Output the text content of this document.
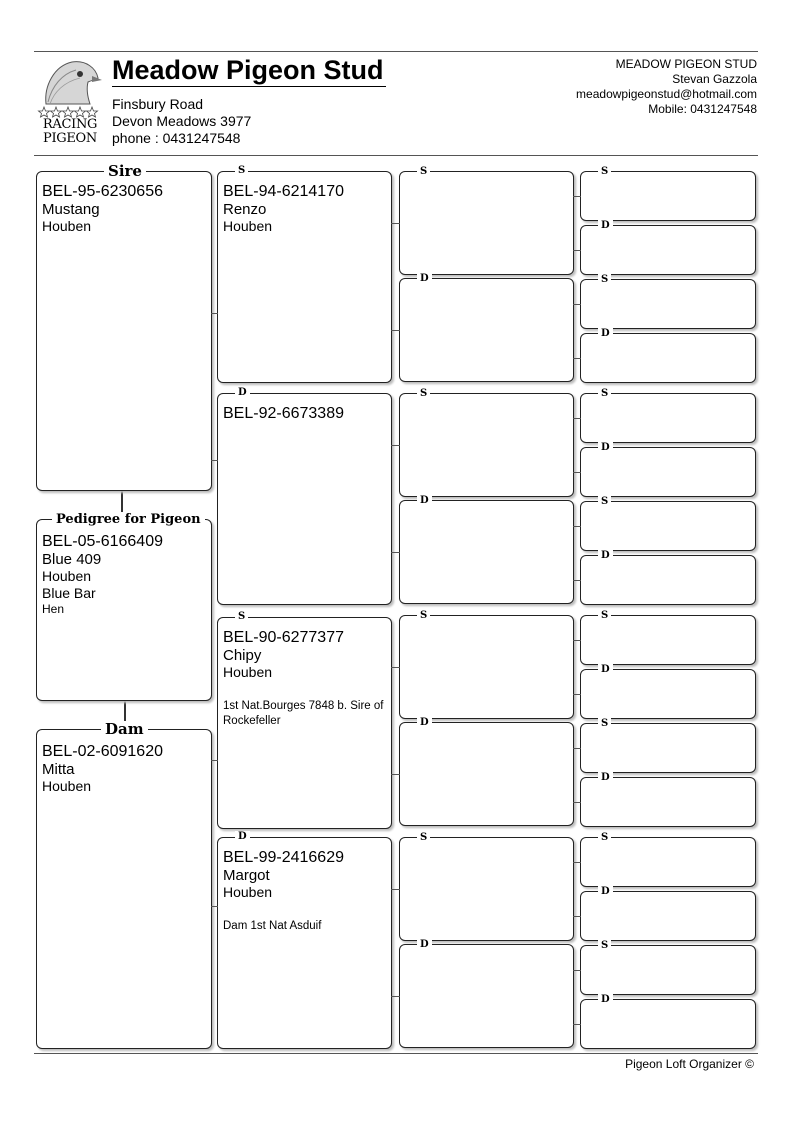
RACING
PIGEON
Meadow Pigeon Stud
Finsbury Road
Devon Meadows 3977
phone : 0431247548
MEADOW PIGEON STUD
Stevan Gazzola
meadowpigeonstud@hotmail.com
Mobile: 0431247548
BEL-95-6230656
Mustang
Houben
Sire
BEL-05-6166409
Blue 409
Houben
Blue Bar
Hen
Pedigree for Pigeon
BEL-02-6091620
Mitta
Houben
Dam
BEL-94-6214170
Renzo
Houben
S
BEL-92-6673389
D
BEL-90-6277377
Chipy
Houben
1st Nat.Bourges 7848 b. Sire of Rockefeller
S
BEL-99-2416629
Margot
Houben
Dam 1st Nat Asduif
D
S
D
S
D
S
D
S
D
S
D
S
D
S
D
S
D
S
D
S
D
S
D
S
D
Pigeon Loft Organizer ©
